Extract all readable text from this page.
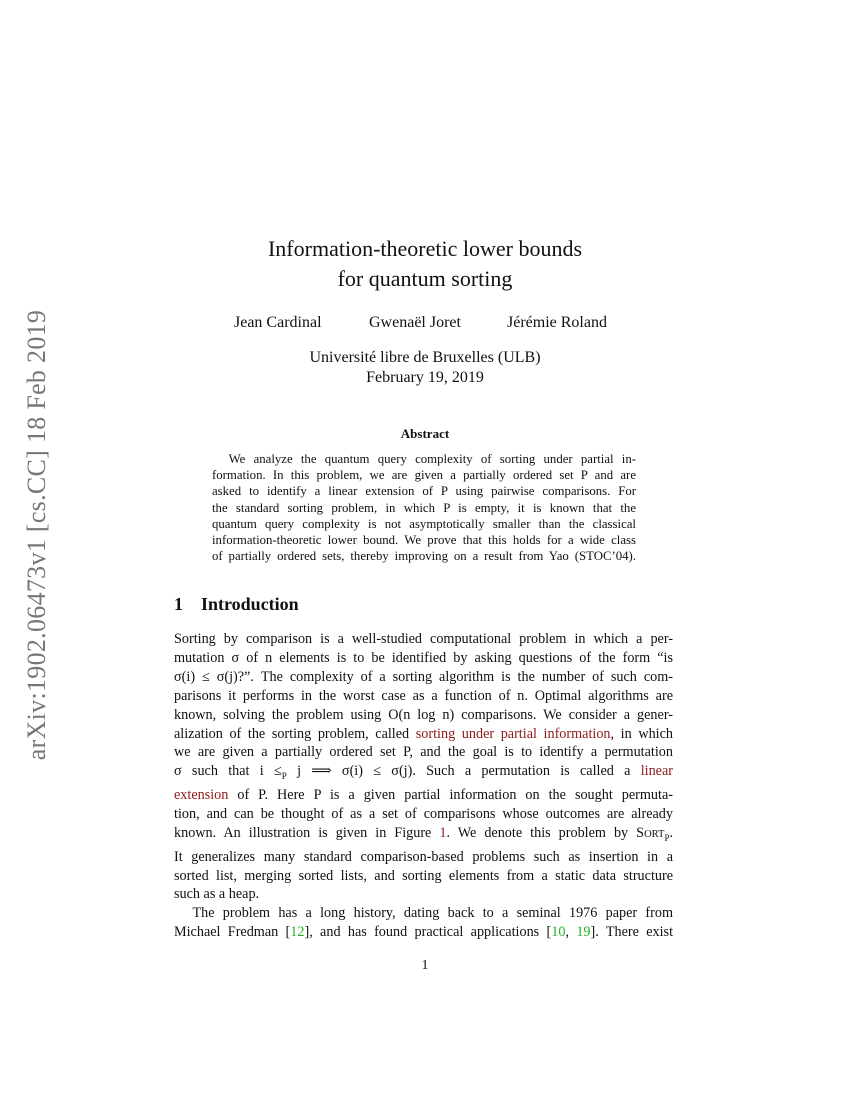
arXiv:1902.06473v1 [cs.CC] 18 Feb 2019
Information-theoretic lower bounds
for quantum sorting
Jean Cardinal	Gwenaël Joret	Jérémie Roland
Université libre de Bruxelles (ULB)
February 19, 2019
Abstract
We analyze the quantum query complexity of sorting under partial in-
formation. In this problem, we are given a partially ordered set P and are
asked to identify a linear extension of P using pairwise comparisons. For
the standard sorting problem, in which P is empty, it is known that the
quantum query complexity is not asymptotically smaller than the classical
information-theoretic lower bound. We prove that this holds for a wide class
of partially ordered sets, thereby improving on a result from Yao (STOC’04).
1 Introduction
Sorting by comparison is a well-studied computational problem in which a per-
mutation σ of n elements is to be identified by asking questions of the form “is
σ(i) ≤ σ(j)?”. The complexity of a sorting algorithm is the number of such com-
parisons it performs in the worst case as a function of n. Optimal algorithms are
known, solving the problem using O(n log n) comparisons. We consider a gener-
alization of the sorting problem, called sorting under partial information, in which
we are given a partially ordered set P, and the goal is to identify a permutation
σ such that $i \le_P$ j ⟹ σ(i) ≤ σ(j). Such a permutation is called a linear
extension of P. Here P is a given partial information on the sought permuta-
tion, and can be thought of as a set of comparisons whose outcomes are already
known. An illustration is given in Figure 1. We denote this problem by $SORT_P$.
It generalizes many standard comparison-based problems such as insertion in a
sorted list, merging sorted lists, and sorting elements from a static data structure
such as a heap.
The problem has a long history, dating back to a seminal 1976 paper from
Michael Fredman [12], and has found practical applications [10, 19]. There exist
1
